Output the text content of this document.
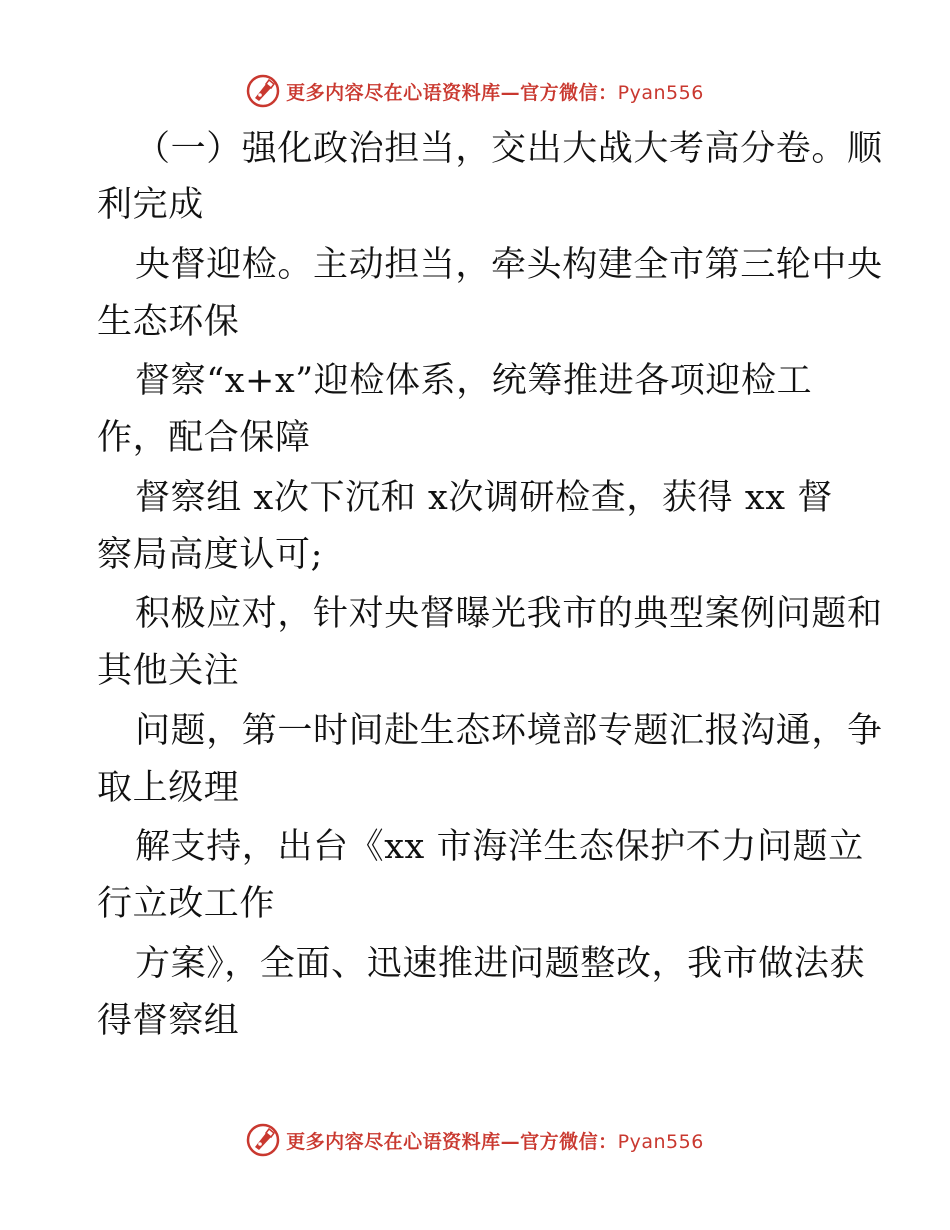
更多内容尽在心语资料库—官方微信：Pyan556
（一）强化政治担当，交出大战大考高分卷。顺
利完成
央督迎检。主动担当，牵头构建全市第三轮中央
生态环保
督察“x+x”迎检体系，统筹推进各项迎检工
作，配合保障
督察组 x次下沉和 x次调研检查，获得 xx 督
察局高度认可;
积极应对，针对央督曝光我市的典型案例问题和
其他关注
问题，第一时间赴生态环境部专题汇报沟通，争
取上级理
解支持，出台《xx 市海洋生态保护不力问题立
行立改工作
方案》，全面、迅速推进问题整改，我市做法获
得督察组
更多内容尽在心语资料库—官方微信：Pyan556
